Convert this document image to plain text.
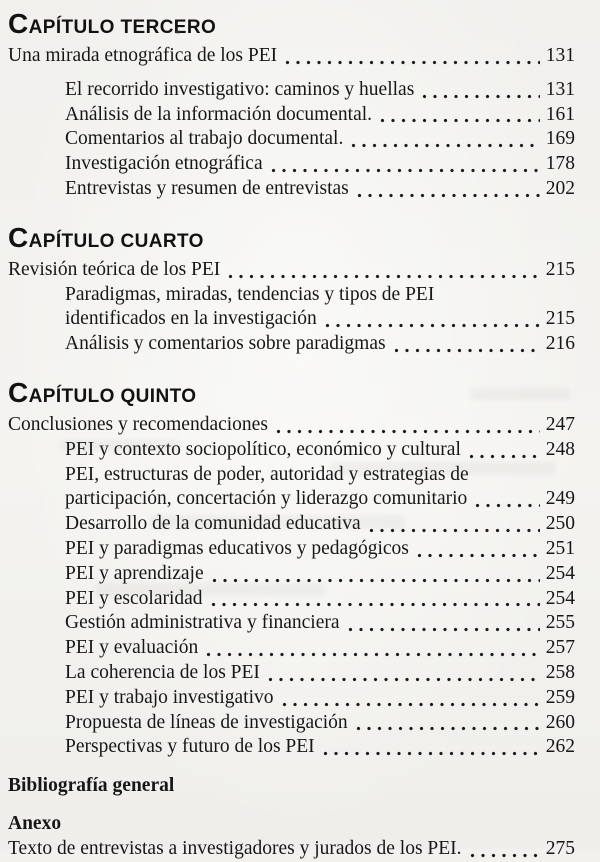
CAPÍTULO TERCERO
Una mirada etnográfica de los PEI	131
El recorrido investigativo: caminos y huellas	131
Análisis de la información documental.	161
Comentarios al trabajo documental.	169
Investigación etnográfica	178
Entrevistas y resumen de entrevistas	202
CAPÍTULO CUARTO
Revisión teórica de los PEI	215
Paradigmas, miradas, tendencias y tipos de PEI
identificados en la investigación	215
Análisis y comentarios sobre paradigmas	216
CAPÍTULO QUINTO
Conclusiones y recomendaciones	247
PEI y contexto sociopolítico, económico y cultural	248
PEI, estructuras de poder, autoridad y estrategias de
participación, concertación y liderazgo comunitario	249
Desarrollo de la comunidad educativa	250
PEI y paradigmas educativos y pedagógicos	251
PEI y aprendizaje	254
PEI y escolaridad	254
Gestión administrativa y financiera	255
PEI y evaluación	257
La coherencia de los PEI	258
PEI y trabajo investigativo	259
Propuesta de líneas de investigación	260
Perspectivas y futuro de los PEI	262
Bibliografía general
Anexo
Texto de entrevistas a investigadores y jurados de los PEI.	275
